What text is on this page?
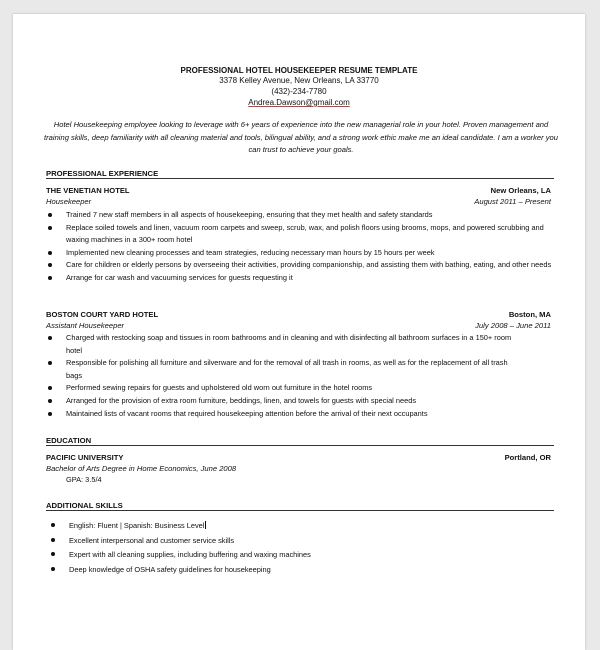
PROFESSIONAL HOTEL HOUSEKEEPER RESUME TEMPLATE
3378 Kelley Avenue, New Orleans, LA 33770
(432)-234-7780
Andrea.Dawson@gmail.com
Hotel Housekeeping employee looking to leverage with 6+ years of experience into the new managerial role in your hotel. Proven management and training skills, deep familiarity with all cleaning material and tools, bilingual ability, and a strong work ethic make me an ideal candidate. I am a worker you can trust to achieve your goals.
PROFESSIONAL EXPERIENCE
THE VENETIAN HOTEL	New Orleans, LA
Housekeeper	August 2011 – Present
Trained 7 new staff members in all aspects of housekeeping, ensuring that they met health and safety standards
Replace soiled towels and linen, vacuum room carpets and sweep, scrub, wax, and polish floors using brooms, mops, and powered scrubbing and waxing machines in a 300+ room hotel
Implemented new cleaning processes and team strategies, reducing necessary man hours by 15 hours per week
Care for children or elderly persons by overseeing their activities, providing companionship, and assisting them with bathing, eating, and other needs
Arrange for car wash and vacuuming services for guests requesting it
BOSTON COURT YARD HOTEL	Boston, MA
Assistant Housekeeper	July 2008 – June 2011
Charged with restocking soap and tissues in room bathrooms and in cleaning and with disinfecting all bathroom surfaces in a 150+ room hotel
Responsible for polishing all furniture and silverware and for the removal of all trash in rooms, as well as for the replacement of all trash bags
Performed sewing repairs for guests and upholstered old worn out furniture in the hotel rooms
Arranged for the provision of extra room furniture, beddings, linen, and towels for guests with special needs
Maintained lists of vacant rooms that required housekeeping attention before the arrival of their next occupants
EDUCATION
PACIFIC UNIVERSITY	Portland, OR
Bachelor of Arts Degree in Home Economics, June 2008
GPA: 3.5/4
ADDITIONAL SKILLS
English: Fluent | Spanish: Business Level
Excellent interpersonal and customer service skills
Expert with all cleaning supplies, including buffering and waxing machines
Deep knowledge of OSHA safety guidelines for housekeeping
